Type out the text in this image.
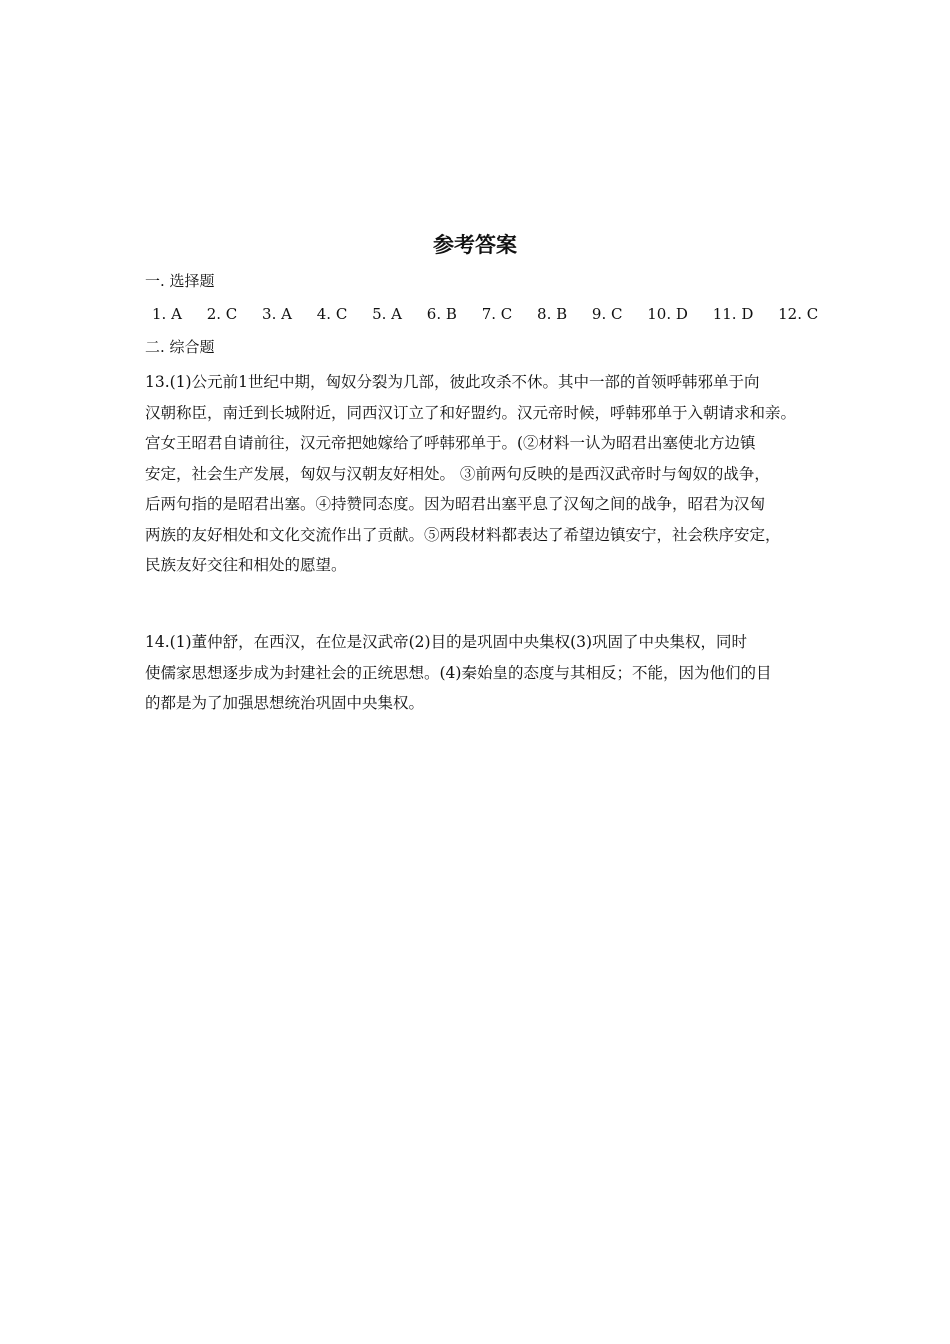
参考答案
一. 选择题
1. A 2. C 3. A 4. C 5. A 6. B 7. C 8. B 9. C 10. D 11. D 12. C
二. 综合题
13.(1)公元前1世纪中期，匈奴分裂为几部，彼此攻杀不休。其中一部的首领呼韩邪单于向
汉朝称臣，南迁到长城附近，同西汉订立了和好盟约。汉元帝时候，呼韩邪单于入朝请求和亲。
宫女王昭君自请前往，汉元帝把她嫁给了呼韩邪单于。(②材料一认为昭君出塞使北方边镇
安定，社会生产发展，匈奴与汉朝友好相处。 ③前两句反映的是西汉武帝时与匈奴的战争，
后两句指的是昭君出塞。④持赞同态度。因为昭君出塞平息了汉匈之间的战争，昭君为汉匈
两族的友好相处和文化交流作出了贡献。⑤两段材料都表达了希望边镇安宁，社会秩序安定，
民族友好交往和相处的愿望。
14.(1)董仲舒，在西汉，在位是汉武帝(2)目的是巩固中央集权(3)巩固了中央集权，同时
使儒家思想逐步成为封建社会的正统思想。(4)秦始皇的态度与其相反；不能，因为他们的目
的都是为了加强思想统治巩固中央集权。
